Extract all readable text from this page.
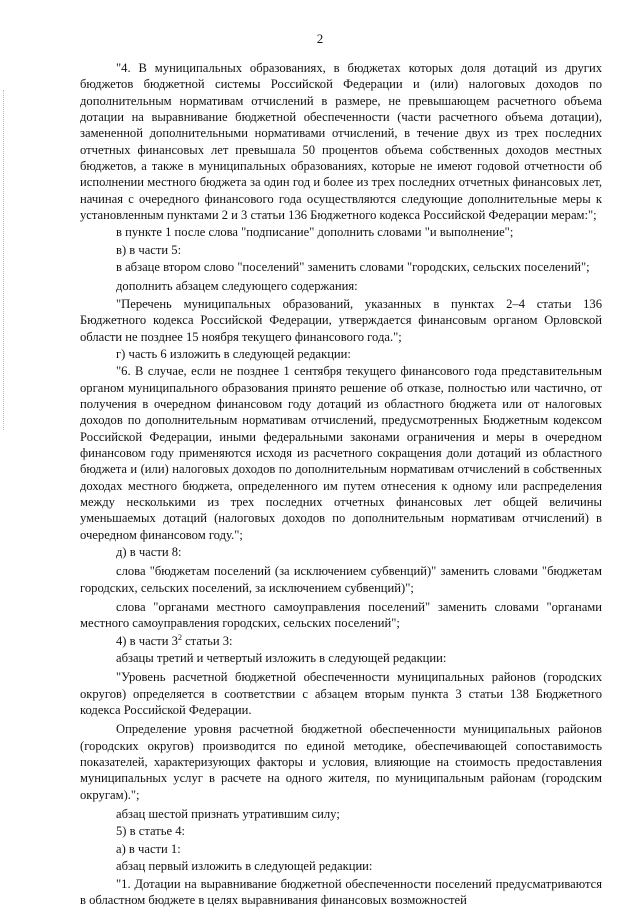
2

"4. В муниципальных образованиях, в бюджетах которых доля дотаций из других бюджетов бюджетной системы Российской Федерации и (или) налоговых доходов по дополнительным нормативам отчислений в размере, не превышающем расчетного объема дотации на выравнивание бюджетной обеспеченности (части расчетного объема дотации), замененной дополнительными нормативами отчислений, в течение двух из трех последних отчетных финансовых лет превышала 50 процентов объема собственных доходов местных бюджетов, а также в муниципальных образованиях, которые не имеют годовой отчетности об исполнении местного бюджета за один год и более из трех последних отчетных финансовых лет, начиная с очередного финансового года осуществляются следующие дополнительные меры к установленным пунктами 2 и 3 статьи 136 Бюджетного кодекса Российской Федерации мерам:";

в пункте 1 после слова "подписание" дополнить словами "и выполнение";

в) в части 5:

в абзаце втором слово "поселений" заменить словами "городских, сельских поселений";

дополнить абзацем следующего содержания:

"Перечень муниципальных образований, указанных в пунктах 2–4 статьи 136 Бюджетного кодекса Российской Федерации, утверждается финансовым органом Орловской области не позднее 15 ноября текущего финансового года.";

г) часть 6 изложить в следующей редакции:

"6. В случае, если не позднее 1 сентября текущего финансового года представительным органом муниципального образования принято решение об отказе, полностью или частично, от получения в очередном финансовом году дотаций из областного бюджета или от налоговых доходов по дополнительным нормативам отчислений, предусмотренных Бюджетным кодексом Российской Федерации, иными федеральными законами ограничения и меры в очередном финансовом году применяются исходя из расчетного сокращения доли дотаций из областного бюджета и (или) налоговых доходов по дополнительным нормативам отчислений в собственных доходах местного бюджета, определенного им путем отнесения к одному или распределения между несколькими из трех последних отчетных финансовых лет общей величины уменьшаемых дотаций (налоговых доходов по дополнительным нормативам отчислений) в очередном финансовом году.";

д) в части 8:

слова "бюджетам поселений (за исключением субвенций)" заменить словами "бюджетам городских, сельских поселений, за исключением субвенций)";

слова "органами местного самоуправления поселений" заменить словами "органами местного самоуправления городских, сельских поселений";

4) в части $3^2$ статьи 3:

абзацы третий и четвертый изложить в следующей редакции:

"Уровень расчетной бюджетной обеспеченности муниципальных районов (городских округов) определяется в соответствии с абзацем вторым пункта 3 статьи 138 Бюджетного кодекса Российской Федерации.

Определение уровня расчетной бюджетной обеспеченности муниципальных районов (городских округов) производится по единой методике, обеспечивающей сопоставимость показателей, характеризующих факторы и условия, влияющие на стоимость предоставления муниципальных услуг в расчете на одного жителя, по муниципальным районам (городским округам).";

абзац шестой признать утратившим силу;

5) в статье 4:

а) в части 1:

абзац первый изложить в следующей редакции:

"1. Дотации на выравнивание бюджетной обеспеченности поселений предусматриваются в областном бюджете в целях выравнивания финансовых возможностей
